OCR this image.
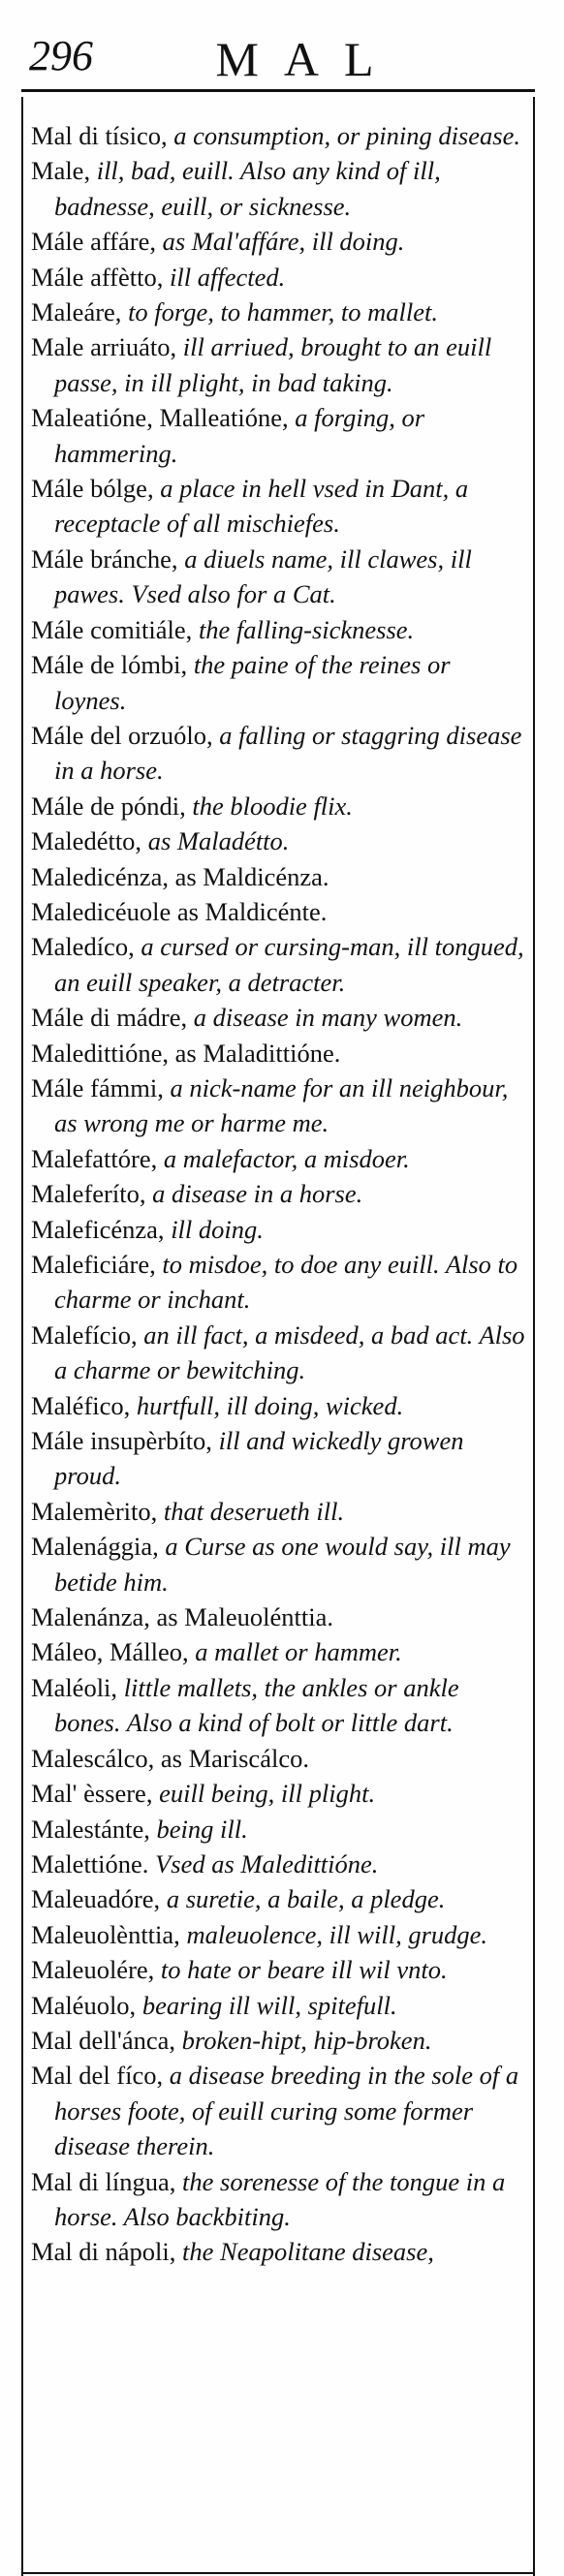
296	MAL
Mal di tísico, a consumption, or pining disease.
Male, ill, bad, euill. Also any kind of ill, badnesse, euill, or sicknesse.
Mále affáre, as Mal'affáre, ill doing.
Mále affètto, ill affected.
Maleáre, to forge, to hammer, to mallet.
Male arriuáto, ill arriued, brought to an euill passe, in ill plight, in bad taking.
Maleatióne, Malleatióne, a forging, or hammering.
Mále bólge, a place in hell vsed in Dant, a receptacle of all mischiefes.
Mále bránche, a diuels name, ill clawes, ill pawes. Vsed also for a Cat.
Mále comitiále, the falling-sicknesse.
Mále de lómbi, the paine of the reines or loynes.
Mále del orzuólo, a falling or staggring disease in a horse.
Mále de póndi, the bloodie flix.
Maledétto, as Maladétto.
Maledicénza, as Maldicénza.
Maledicéuole as Maldicénte.
Maledíco, a cursed or cursing-man, ill tongued, an euill speaker, a detracter.
Mále di mádre, a disease in many women.
Maledittióne, as Maladittióne.
Mále fámmi, a nick-name for an ill neighbour, as wrong me or harme me.
Malefattóre, a malefactor, a misdoer.
Maleferíto, a disease in a horse.
Maleficénza, ill doing.
Maleficiáre, to misdoe, to doe any euill. Also to charme or inchant.
Malefício, an ill fact, a misdeed, a bad act. Also a charme or bewitching.
Maléfico, hurtfull, ill doing, wicked.
Mále insupèrbíto, ill and wickedly growen proud.
Malemèrito, that deserueth ill.
Malenággia, a Curse as one would say, ill may betide him.
Malenánza, as Maleuolénttia.
Máleo, Málleo, a mallet or hammer.
Maléoli, little mallets, the ankles or ankle bones. Also a kind of bolt or little dart.
Malescálco, as Mariscálco.
Mal' èssere, euill being, ill plight.
Malestánte, being ill.
Malettióne. Vsed as Maledittióne.
Maleuadóre, a suretie, a baile, a pledge.
Maleuolènttia, maleuolence, ill will, grudge.
Maleuolére, to hate or beare ill wil vnto.
Maléuolo, bearing ill will, spitefull.
Mal dell'ánca, broken-hipt, hip-broken.
Mal del fíco, a disease breeding in the sole of a horses foote, of euill curing some former disease therein.
Mal di língua, the sorenesse of the tongue in a horse. Also backbiting.
Mal di nápoli, the Neapolitane disease,
